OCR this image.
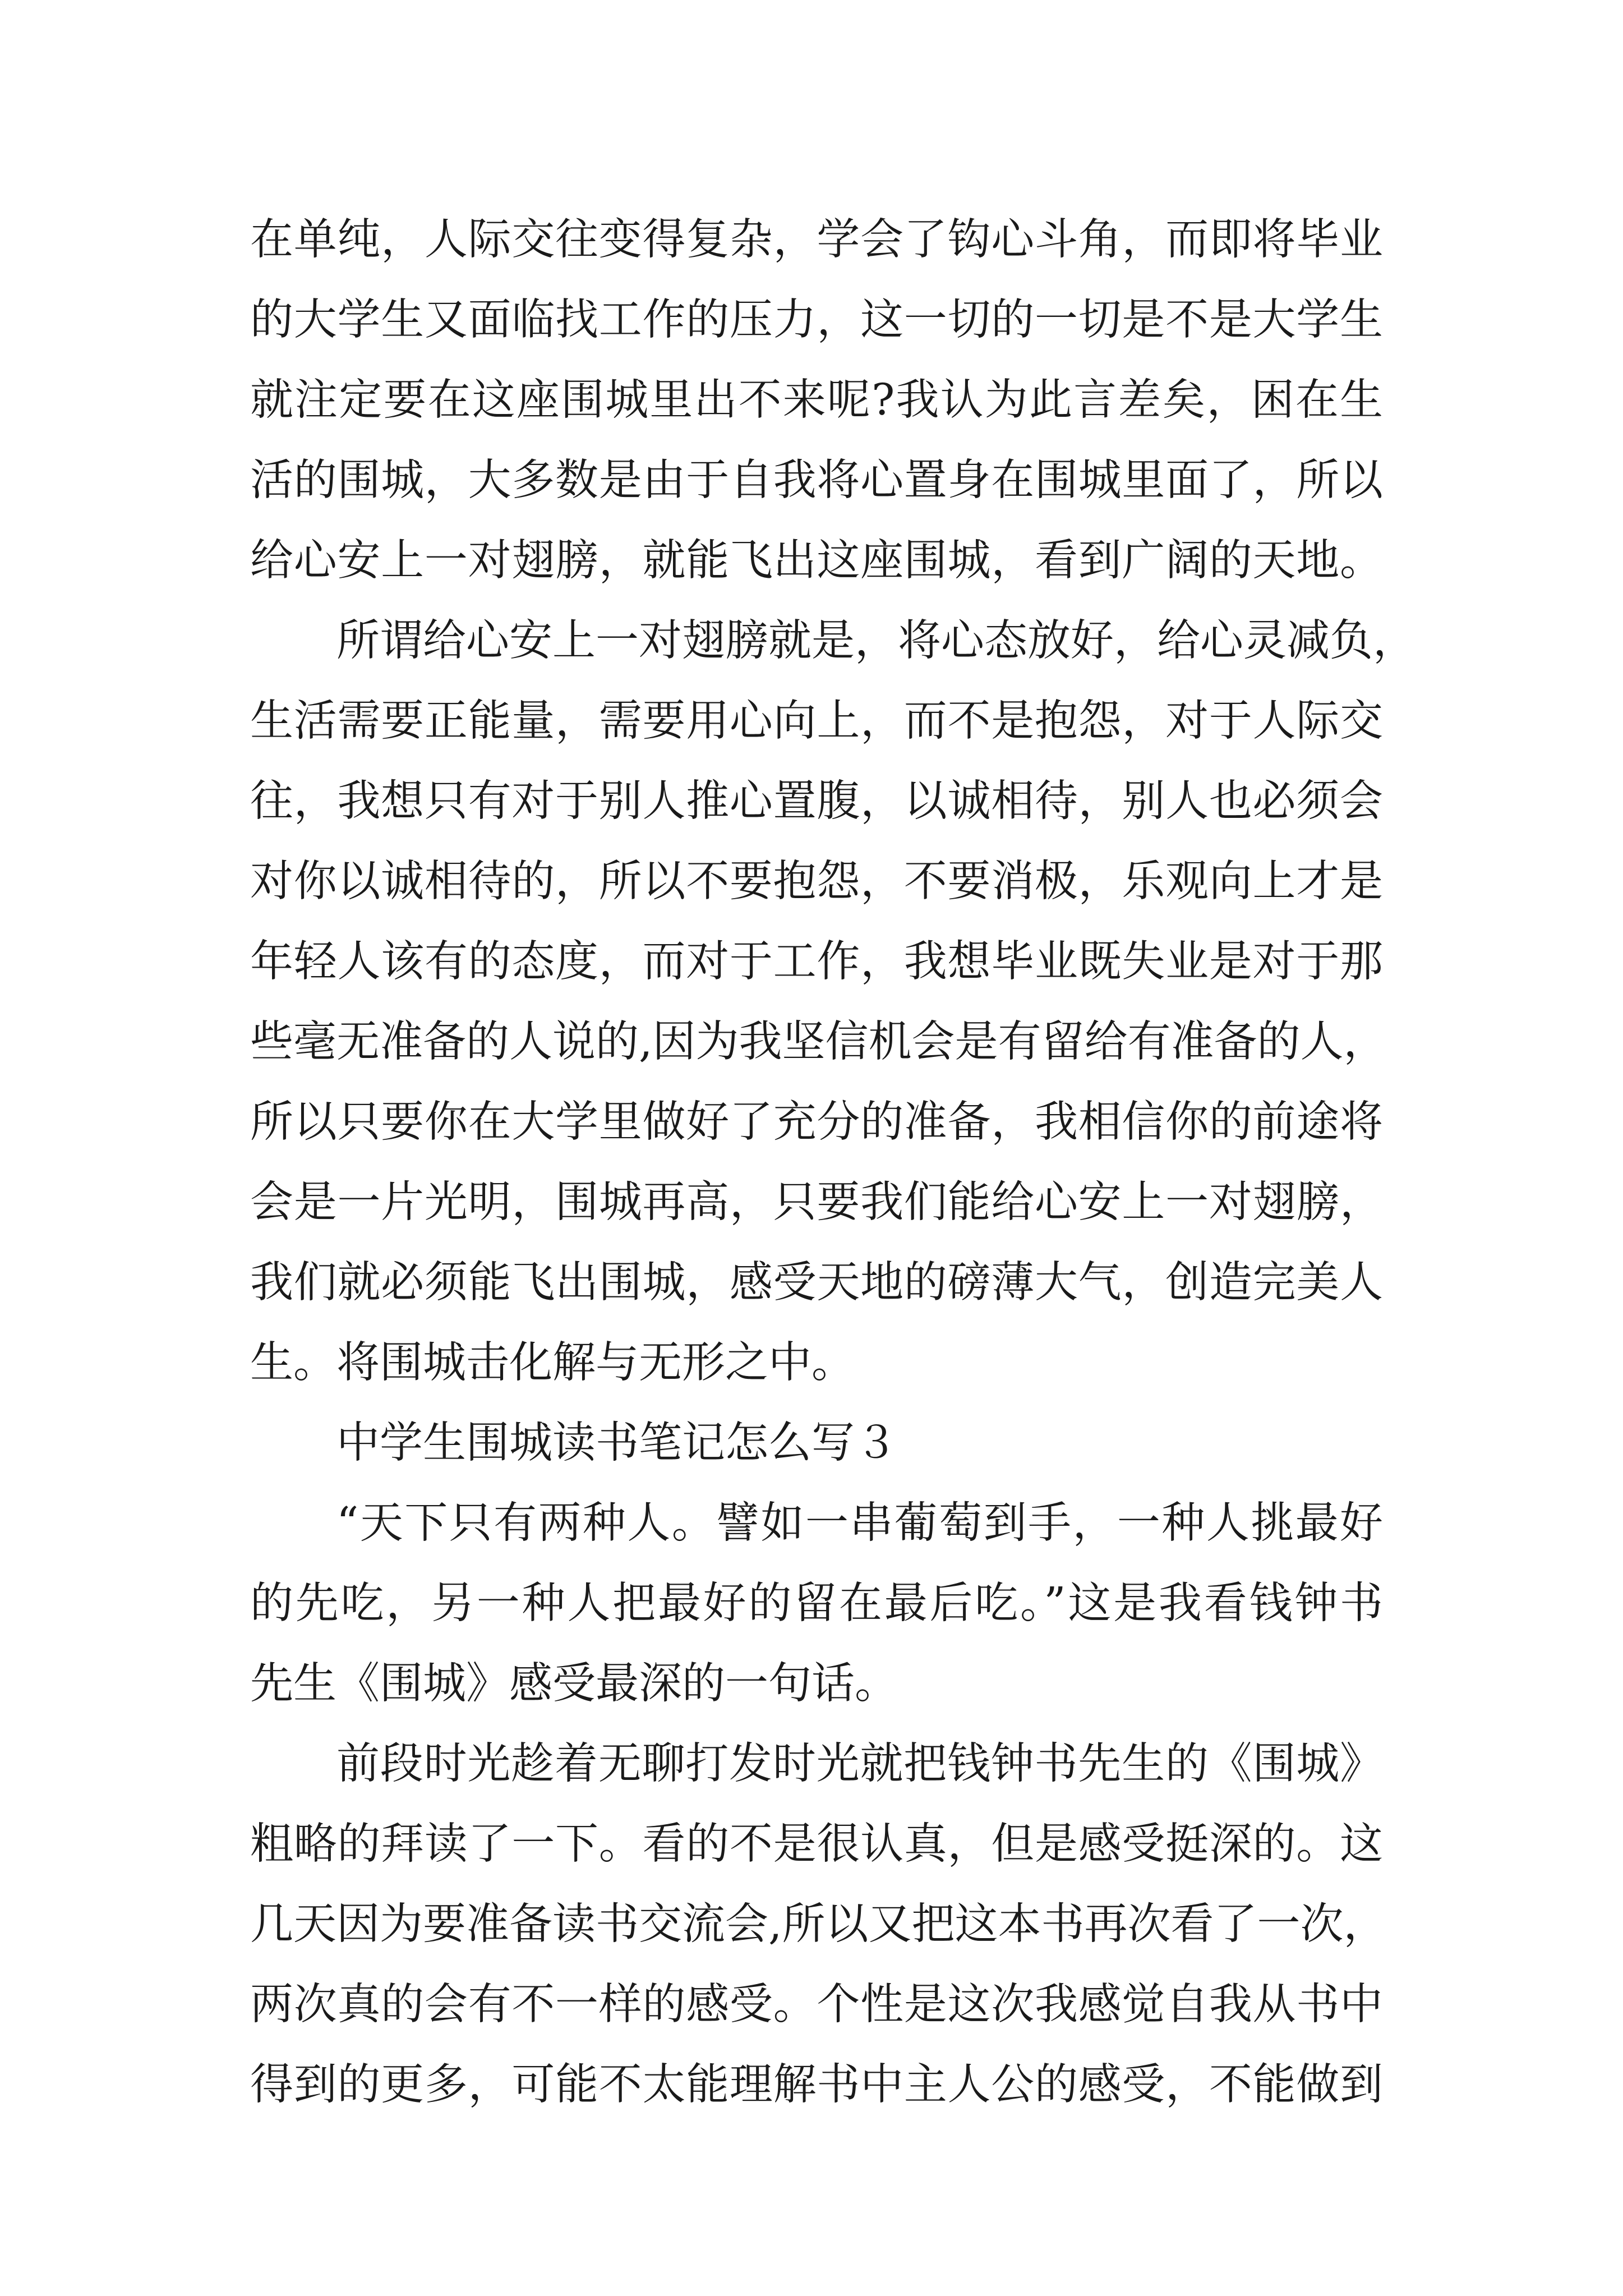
在单纯，人际交往变得复杂，学会了钩心斗角，而即将毕业
的大学生又面临找工作的压力，这一切的一切是不是大学生
就注定要在这座围城里出不来呢?我认为此言差矣，困在生
活的围城，大多数是由于自我将心置身在围城里面了，所以
给心安上一对翅膀，就能飞出这座围城，看到广阔的天地。
所谓给心安上一对翅膀就是，将心态放好，给心灵减负，
生活需要正能量，需要用心向上，而不是抱怨，对于人际交
往，我想只有对于别人推心置腹，以诚相待，别人也必须会
对你以诚相待的，所以不要抱怨，不要消极，乐观向上才是
年轻人该有的态度，而对于工作，我想毕业既失业是对于那
些毫无准备的人说的,因为我坚信机会是有留给有准备的人，
所以只要你在大学里做好了充分的准备，我相信你的前途将
会是一片光明，围城再高，只要我们能给心安上一对翅膀，
我们就必须能飞出围城，感受天地的磅薄大气，创造完美人
生。将围城击化解与无形之中。
中学生围城读书笔记怎么写３
“天下只有两种人。譬如一串葡萄到手，一种人挑最好
的先吃，另一种人把最好的留在最后吃。”这是我看钱钟书
先生《围城》感受最深的一句话。
前段时光趁着无聊打发时光就把钱钟书先生的《围城》
粗略的拜读了一下。看的不是很认真，但是感受挺深的。这
几天因为要准备读书交流会,所以又把这本书再次看了一次，
两次真的会有不一样的感受。个性是这次我感觉自我从书中
得到的更多，可能不太能理解书中主人公的感受，不能做到
